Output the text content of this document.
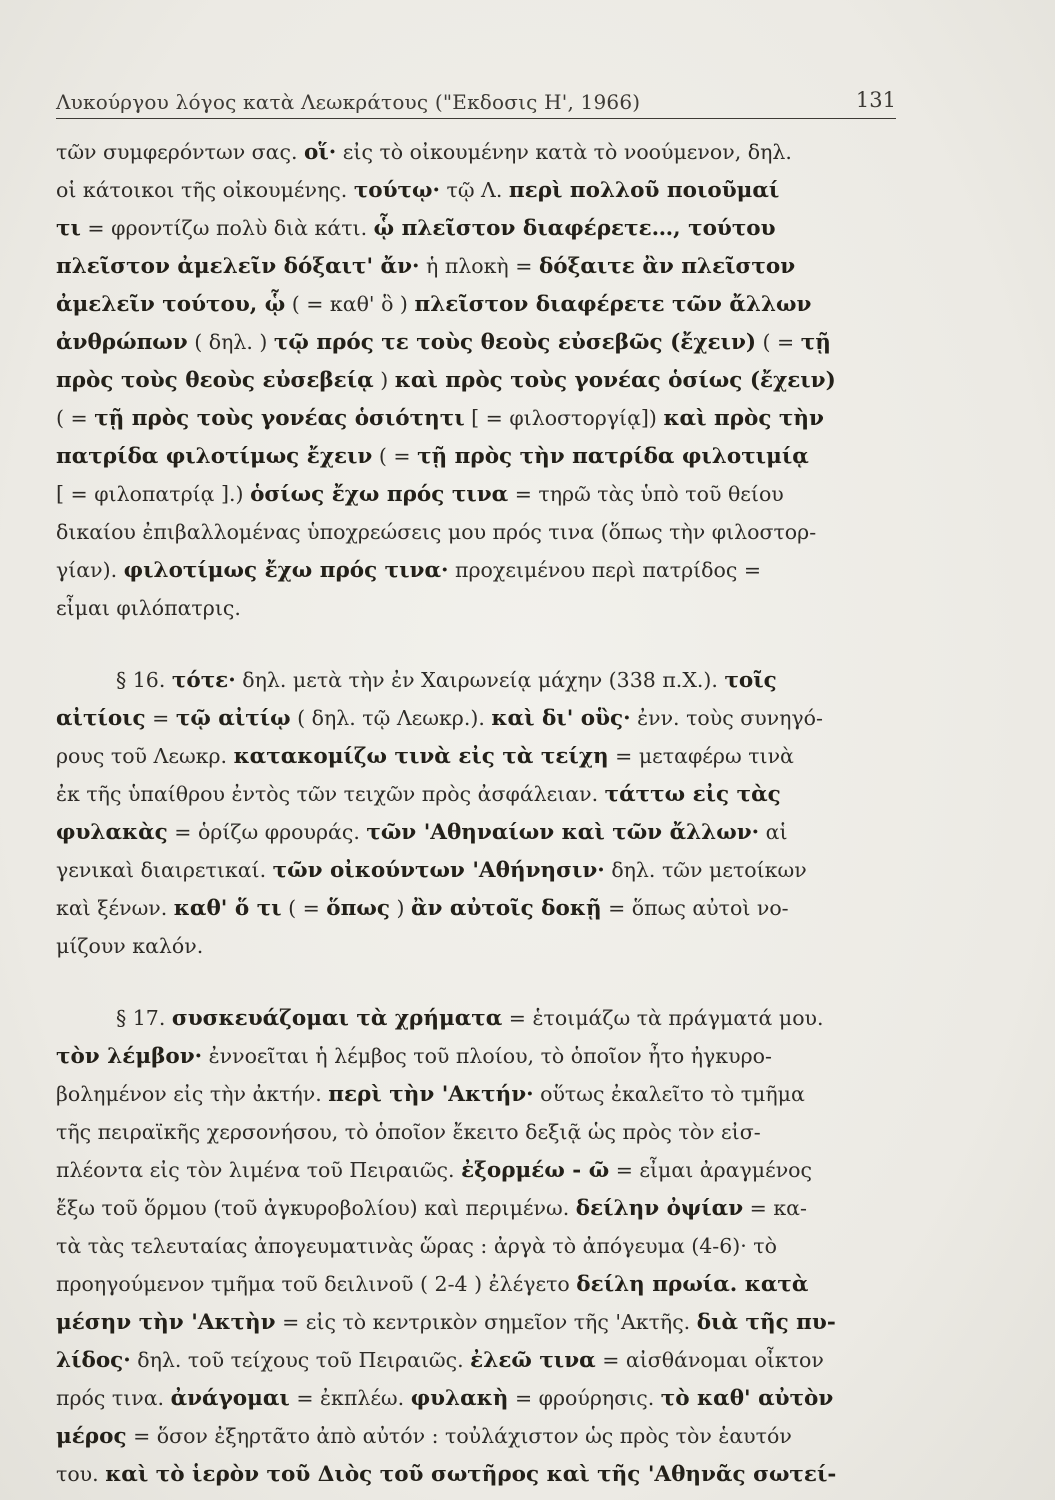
Λυκούργου λόγος κατὰ Λεωκράτους ("Εκδοσις Η', 1966)	131
τῶν συμφερόντων σας. οἵ· εἰς τὸ οἰκουμένην κατὰ τὸ νοούμενον, δηλ.
οἱ κάτοικοι τῆς οἰκουμένης. τούτῳ· τῷ Λ. περὶ πολλοῦ ποιοῦμαί
τι = φροντίζω πολὺ διὰ κάτι. ᾧ πλεῖστον διαφέρετε…, τούτου
πλεῖστον ἀμελεῖν δόξαιτ' ἄν· ἡ πλοκὴ = δόξαιτε ἂν πλεῖστον
ἀμελεῖν τούτου, ᾧ ( = καθ' ὃ ) πλεῖστον διαφέρετε τῶν ἄλλων
ἀνθρώπων ( δηλ. ) τῷ πρός τε τοὺς θεοὺς εὐσεβῶς (ἔχειν) ( = τῇ
πρὸς τοὺς θεοὺς εὐσεβείᾳ ) καὶ πρὸς τοὺς γονέας ὁσίως (ἔχειν)
( = τῇ πρὸς τοὺς γονέας ὁσιότητι [ = φιλοστοργίᾳ]) καὶ πρὸς τὴν
πατρίδα φιλοτίμως ἔχειν ( = τῇ πρὸς τὴν πατρίδα φιλοτιμίᾳ
[ = φιλοπατρίᾳ ].) ὁσίως ἔχω πρός τινα = τηρῶ τὰς ὑπὸ τοῦ θείου
δικαίου ἐπιβαλλομένας ὑποχρεώσεις μου πρός τινα (ὅπως τὴν φιλοστορ-
γίαν). φιλοτίμως ἔχω πρός τινα· προχειμένου περὶ πατρίδος =
εἶμαι φιλόπατρις.
§ 16. τότε· δηλ. μετὰ τὴν ἐν Χαιρωνείᾳ μάχην (338 π.Χ.). τοῖς
αἰτίοις = τῷ αἰτίῳ ( δηλ. τῷ Λεωκρ.). καὶ δι' οὓς· ἐνν. τοὺς συνηγό-
ρους τοῦ Λεωκρ. κατακομίζω τινὰ εἰς τὰ τείχη = μεταφέρω τινὰ
ἐκ τῆς ὑπαίθρου ἐντὸς τῶν τειχῶν πρὸς ἀσφάλειαν. τάττω εἰς τὰς
φυλακὰς = ὁρίζω φρουράς. τῶν 'Αθηναίων καὶ τῶν ἄλλων· αἱ
γενικαὶ διαιρετικαί. τῶν οἰκούντων 'Αθήνησιν· δηλ. τῶν μετοίκων
καὶ ξένων. καθ' ὅ τι ( = ὅπως ) ἂν αὐτοῖς δοκῇ = ὅπως αὐτοὶ νο-
μίζουν καλόν.
§ 17. συσκευάζομαι τὰ χρήματα = ἑτοιμάζω τὰ πράγματά μου.
τὸν λέμβον· ἐννοεῖται ἡ λέμβος τοῦ πλοίου, τὸ ὁποῖον ἦτο ἠγκυρο-
βολημένον εἰς τὴν ἀκτήν. περὶ τὴν 'Ακτήν· οὕτως ἐκαλεῖτο τὸ τμῆμα
τῆς πειραϊκῆς χερσονήσου, τὸ ὁποῖον ἔκειτο δεξιᾷ ὡς πρὸς τὸν εἰσ-
πλέοντα εἰς τὸν λιμένα τοῦ Πειραιῶς. ἐξορμέω - ῶ = εἶμαι ἀραγμένος
ἔξω τοῦ ὅρμου (τοῦ ἀγκυροβολίου) καὶ περιμένω. δείλην ὀψίαν = κα-
τὰ τὰς τελευταίας ἀπογευματινὰς ὥρας : ἀργὰ τὸ ἀπόγευμα (4-6)· τὸ
προηγούμενον τμῆμα τοῦ δειλινοῦ ( 2-4 ) ἐλέγετο δείλη πρωία. κατὰ
μέσην τὴν 'Ακτὴν = εἰς τὸ κεντρικὸν σημεῖον τῆς 'Ακτῆς. διὰ τῆς πυ-
λίδος· δηλ. τοῦ τείχους τοῦ Πειραιῶς. ἐλεῶ τινα = αἰσθάνομαι οἶκτον
πρός τινα. ἀνάγομαι = ἐκπλέω. φυλακὴ = φρούρησις. τὸ καθ' αὐτὸν
μέρος = ὅσον ἐξηρτᾶτο ἀπὸ αὐτόν : τοὐλάχιστον ὡς πρὸς τὸν ἑαυτόν
του. καὶ τὸ ἱερὸν τοῦ Διὸς τοῦ σωτῆρος καὶ τῆς 'Αθηνᾶς σωτεί-
